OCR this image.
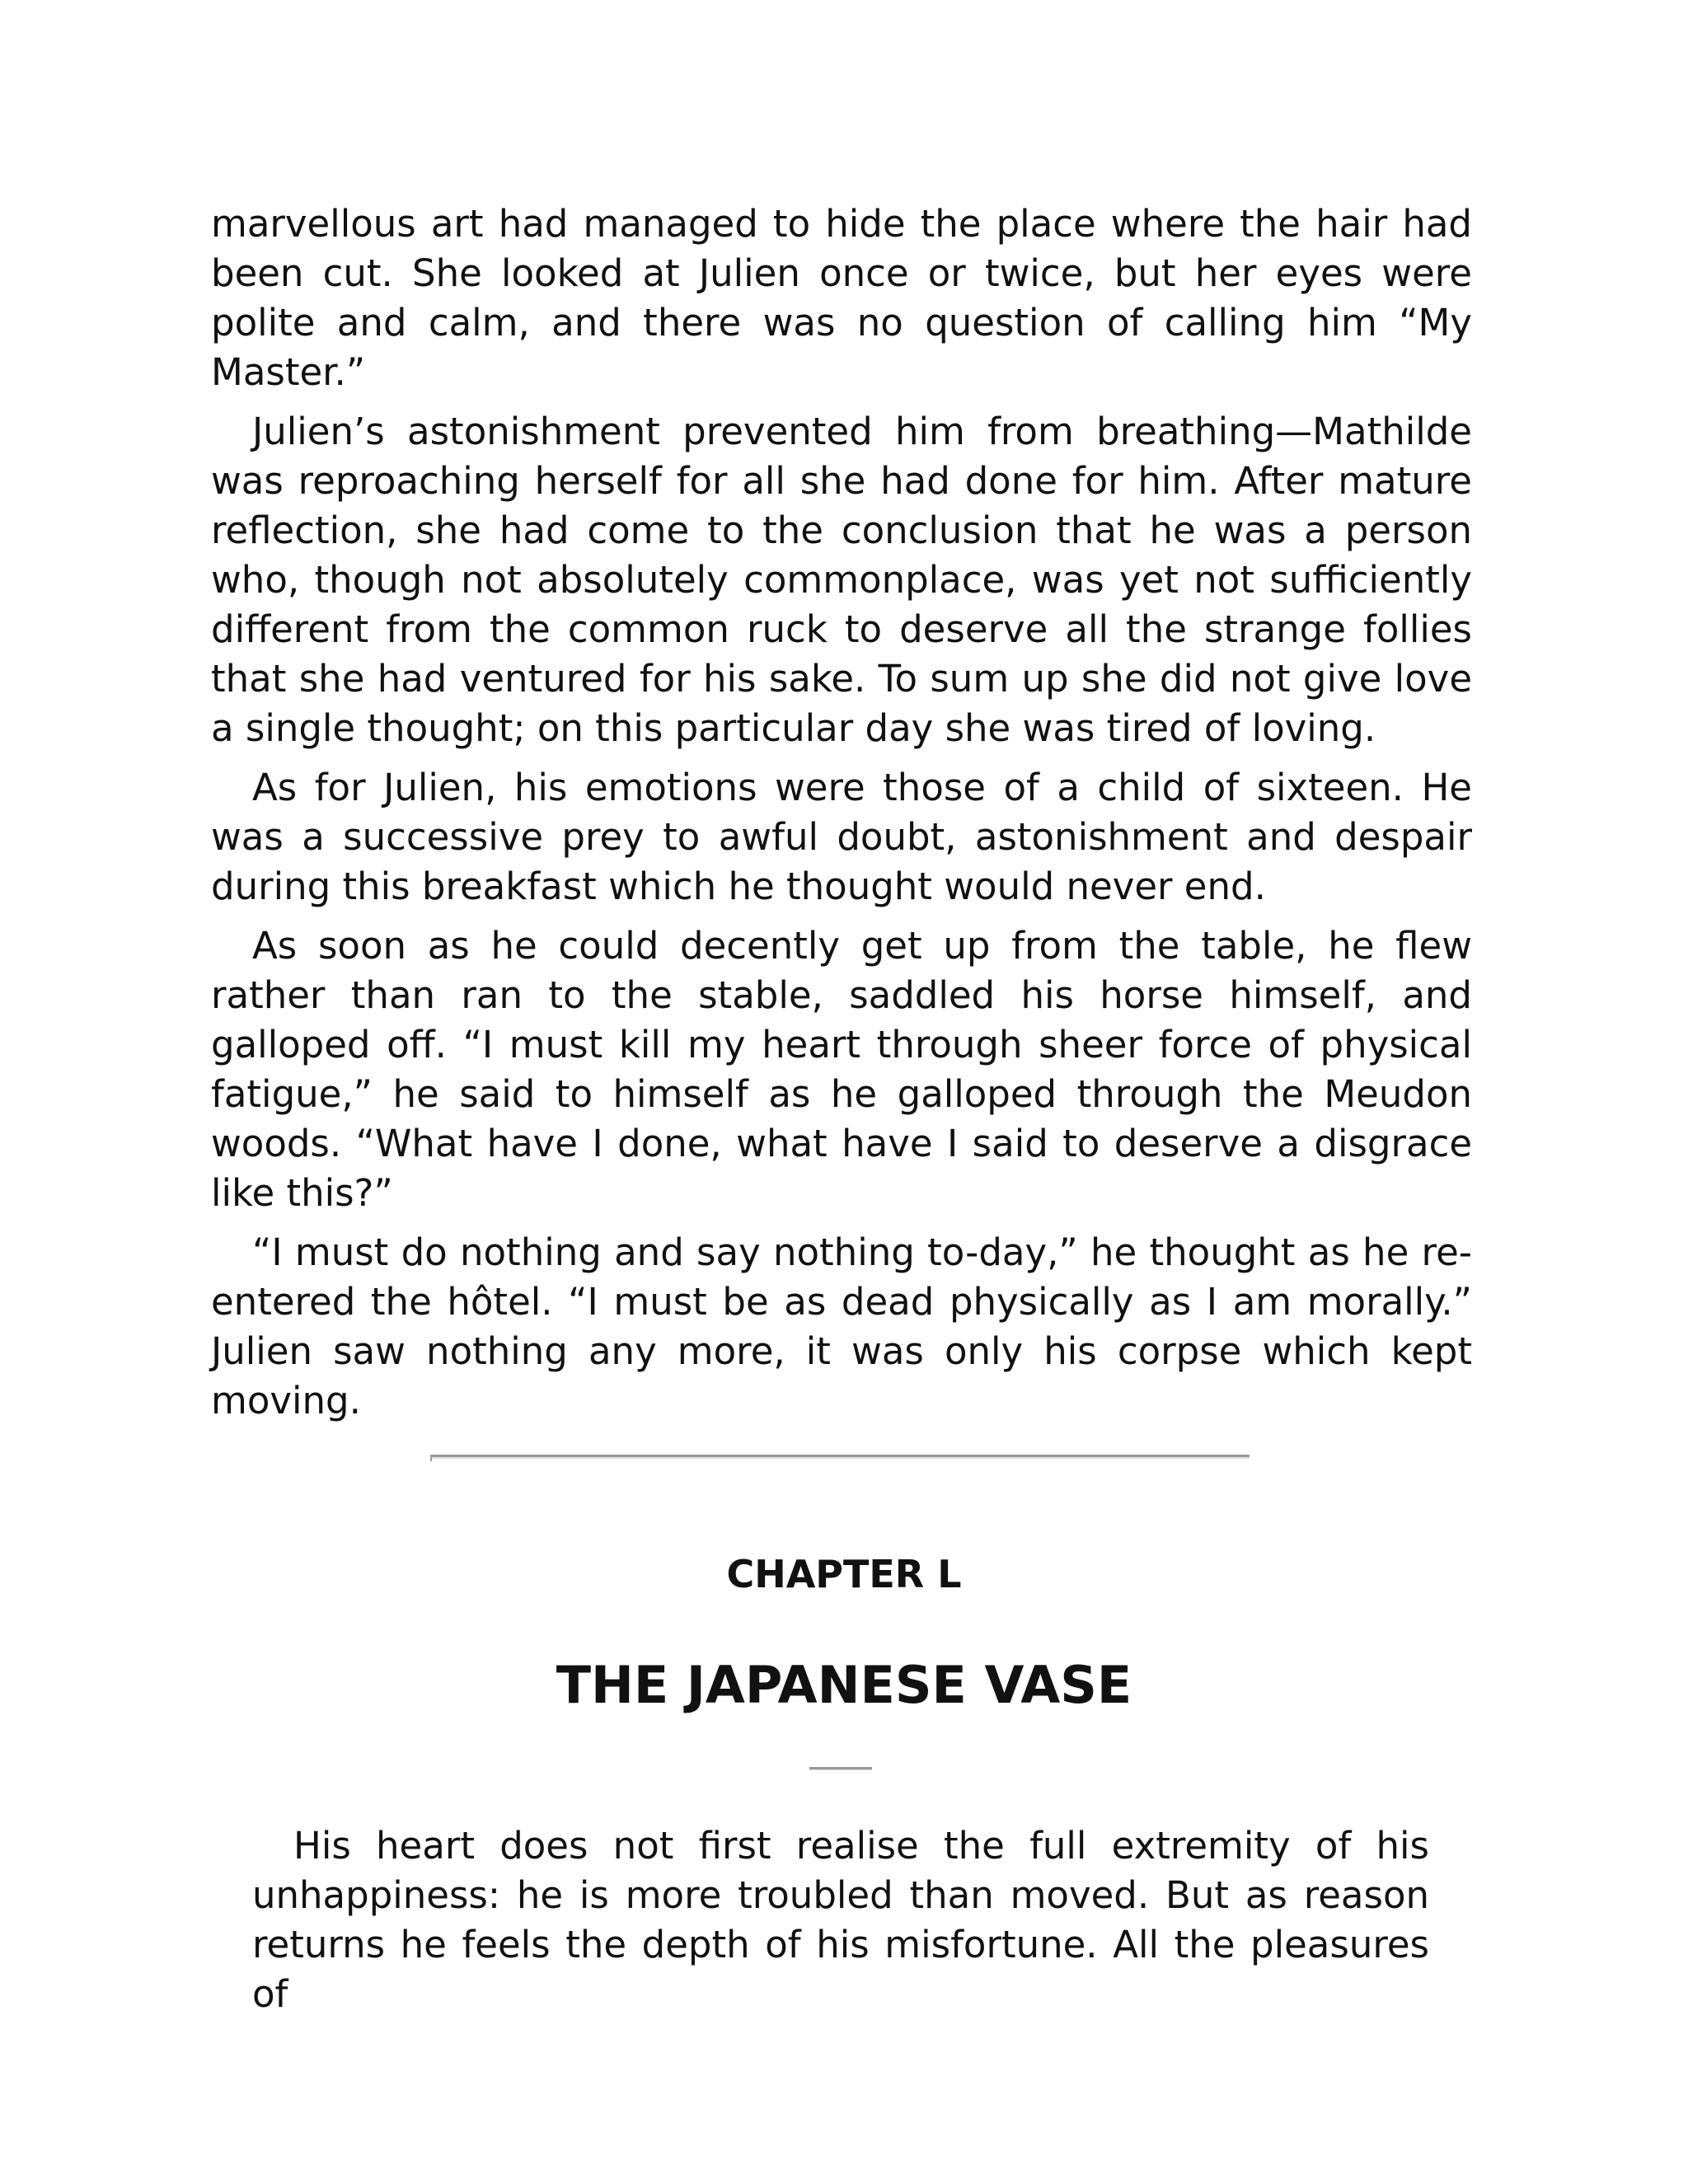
marvellous art had managed to hide the place where the hair had been cut. She looked at Julien once or twice, but her eyes were polite and calm, and there was no question of calling him “My Master.”

Julien’s astonishment prevented him from breathing—Mathilde was reproaching herself for all she had done for him. After mature reflection, she had come to the conclusion that he was a person who, though not absolutely commonplace, was yet not sufficiently different from the common ruck to deserve all the strange follies that she had ventured for his sake. To sum up she did not give love a single thought; on this particular day she was tired of loving.

As for Julien, his emotions were those of a child of sixteen. He was a successive prey to awful doubt, astonishment and despair during this breakfast which he thought would never end.

As soon as he could decently get up from the table, he flew rather than ran to the stable, saddled his horse himself, and galloped off. “I must kill my heart through sheer force of physical fatigue,” he said to himself as he galloped through the Meudon woods. “What have I done, what have I said to deserve a disgrace like this?”

“I must do nothing and say nothing to-day,” he thought as he re-entered the hôtel. “I must be as dead physically as I am morally.” Julien saw nothing any more, it was only his corpse which kept moving.

CHAPTER L
THE JAPANESE VASE

His heart does not first realise the full extremity of his unhappiness: he is more troubled than moved. But as reason returns he feels the depth of his misfortune. All the pleasures of
